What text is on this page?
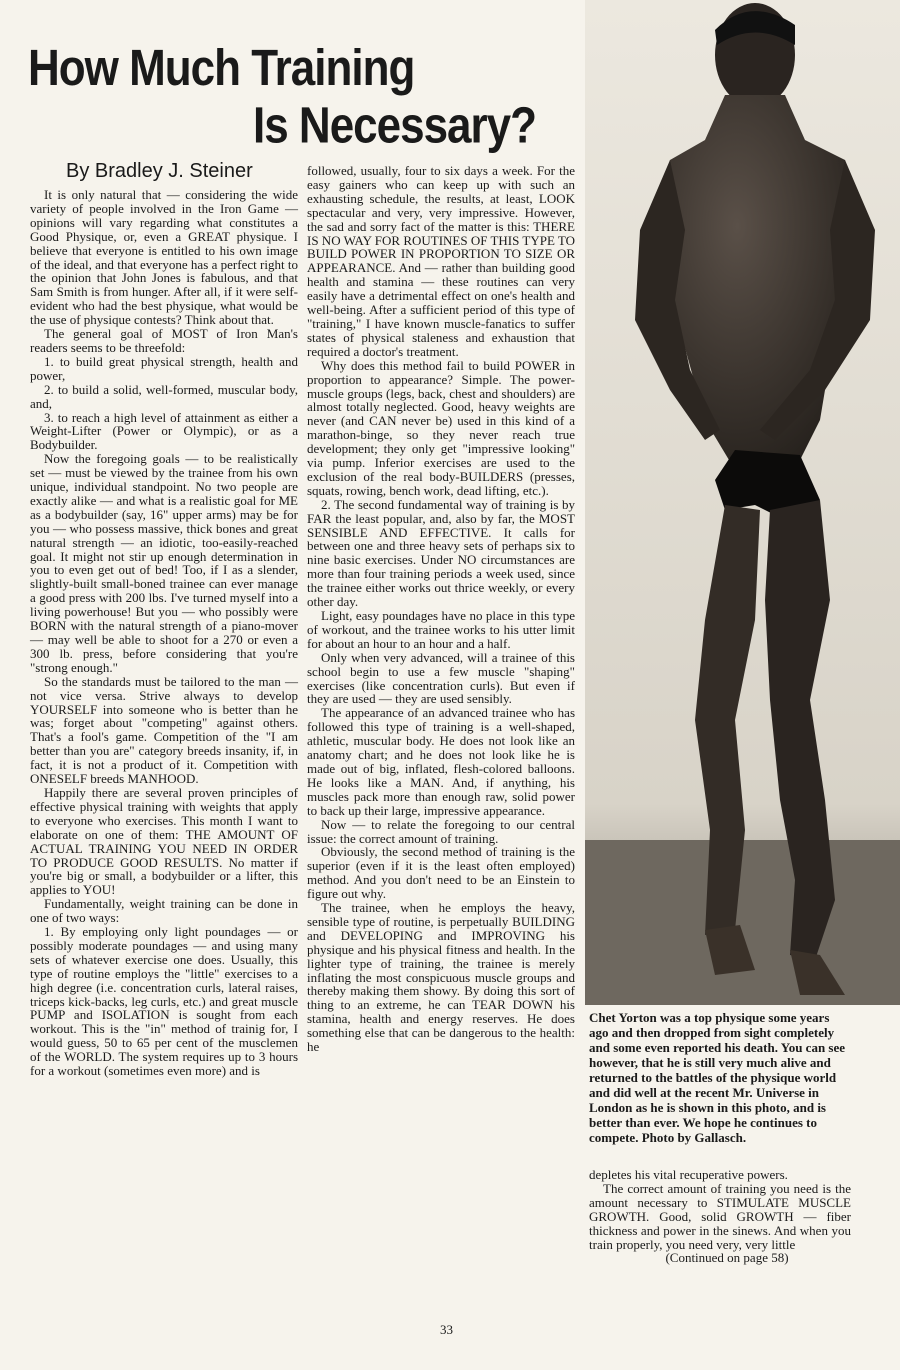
How Much Training
Is Necessary?
By Bradley J. Steiner

It is only natural that — considering the wide variety of people involved in the Iron Game — opinions will vary regarding what constitutes a Good Physique, or, even a GREAT physique. I believe that everyone is entitled to his own image of the ideal, and that everyone has a perfect right to the opinion that John Jones is fabulous, and that Sam Smith is from hunger. After all, if it were self-evident who had the best physique, what would be the use of physique contests? Think about that.

The general goal of MOST of Iron Man's readers seems to be threefold:

1. to build great physical strength, health and power,

2. to build a solid, well-formed, muscular body, and,

3. to reach a high level of attainment as either a Weight-Lifter (Power or Olympic), or as a Bodybuilder.

Now the foregoing goals — to be realistically set — must be viewed by the trainee from his own unique, individual standpoint. No two people are exactly alike — and what is a realistic goal for ME as a bodybuilder (say, 16" upper arms) may be for you — who possess massive, thick bones and great natural strength — an idiotic, too-easily-reached goal. It might not stir up enough determination in you to even get out of bed! Too, if I as a slender, slightly-built small-boned trainee can ever manage a good press with 200 lbs. I've turned myself into a living powerhouse! But you — who possibly were BORN with the natural strength of a piano-mover — may well be able to shoot for a 270 or even a 300 lb. press, before considering that you're "strong enough."

So the standards must be tailored to the man — not vice versa. Strive always to develop YOURSELF into someone who is better than he was; forget about "competing" against others. That's a fool's game. Competition of the "I am better than you are" category breeds insanity, if, in fact, it is not a product of it. Competition with ONESELF breeds MANHOOD.

Happily there are several proven principles of effective physical training with weights that apply to everyone who exercises. This month I want to elaborate on one of them: THE AMOUNT OF ACTUAL TRAINING YOU NEED IN ORDER TO PRODUCE GOOD RESULTS. No matter if you're big or small, a bodybuilder or a lifter, this applies to YOU!

Fundamentally, weight training can be done in one of two ways:

1. By employing only light poundages — or possibly moderate poundages — and using many sets of whatever exercise one does. Usually, this type of routine employs the "little" exercises to a high degree (i.e. concentration curls, lateral raises, triceps kick-backs, leg curls, etc.) and great muscle PUMP and ISOLATION is sought from each workout. This is the "in" method of trainig for, I would guess, 50 to 65 per cent of the musclemen of the WORLD. The system requires up to 3 hours for a workout (sometimes even more) and is

followed, usually, four to six days a week. For the easy gainers who can keep up with such an exhausting schedule, the results, at least, LOOK spectacular and very, very impressive. However, the sad and sorry fact of the matter is this: THERE IS NO WAY FOR ROUTINES OF THIS TYPE TO BUILD POWER IN PROPORTION TO SIZE OR APPEARANCE. And — rather than building good health and stamina — these routines can very easily have a detrimental effect on one's health and well-being. After a sufficient period of this type of "training," I have known muscle-fanatics to suffer states of physical staleness and exhaustion that required a doctor's treatment.

Why does this method fail to build POWER in proportion to appearance? Simple. The power-muscle groups (legs, back, chest and shoulders) are almost totally neglected. Good, heavy weights are never (and CAN never be) used in this kind of a marathon-binge, so they never reach true development; they only get "impressive looking" via pump. Inferior exercises are used to the exclusion of the real body-BUILDERS (presses, squats, rowing, bench work, dead lifting, etc.).

2. The second fundamental way of training is by FAR the least popular, and, also by far, the MOST SENSIBLE AND EFFECTIVE. It calls for between one and three heavy sets of perhaps six to nine basic exercises. Under NO circumstances are more than four training periods a week used, since the trainee either works out thrice weekly, or every other day.

Light, easy poundages have no place in this type of workout, and the trainee works to his utter limit for about an hour to an hour and a half.

Only when very advanced, will a trainee of this school begin to use a few muscle "shaping" exercises (like concentration curls). But even if they are used — they are used sensibly.

The appearance of an advanced trainee who has followed this type of training is a well-shaped, athletic, muscular body. He does not look like an anatomy chart; and he does not look like he is made out of big, inflated, flesh-colored balloons. He looks like a MAN. And, if anything, his muscles pack more than enough raw, solid power to back up their large, impressive appearance.

Now — to relate the foregoing to our central issue: the correct amount of training.

Obviously, the second method of training is the superior (even if it is the least often employed) method. And you don't need to be an Einstein to figure out why.

The trainee, when he employs the heavy, sensible type of routine, is perpetually BUILDING and DEVELOPING and IMPROVING his physique and his physical fitness and health. In the lighter type of training, the trainee is merely inflating the most conspicuous muscle groups and thereby making them showy. By doing this sort of thing to an extreme, he can TEAR DOWN his stamina, health and energy reserves. He does something else that can be dangerous to the health: he

Chet Yorton was a top physique some years ago and then dropped from sight completely and some even reported his death. You can see however, that he is still very much alive and returned to the battles of the physique world and did well at the recent Mr. Universe in London as he is shown in this photo, and is better than ever. We hope he continues to compete. Photo by Gallasch.

depletes his vital recuperative powers.

The correct amount of training you need is the amount necessary to STIMULATE MUSCLE GROWTH. Good, solid GROWTH — fiber thickness and power in the sinews. And when you train properly, you need very, very little

(Continued on page 58)

33
